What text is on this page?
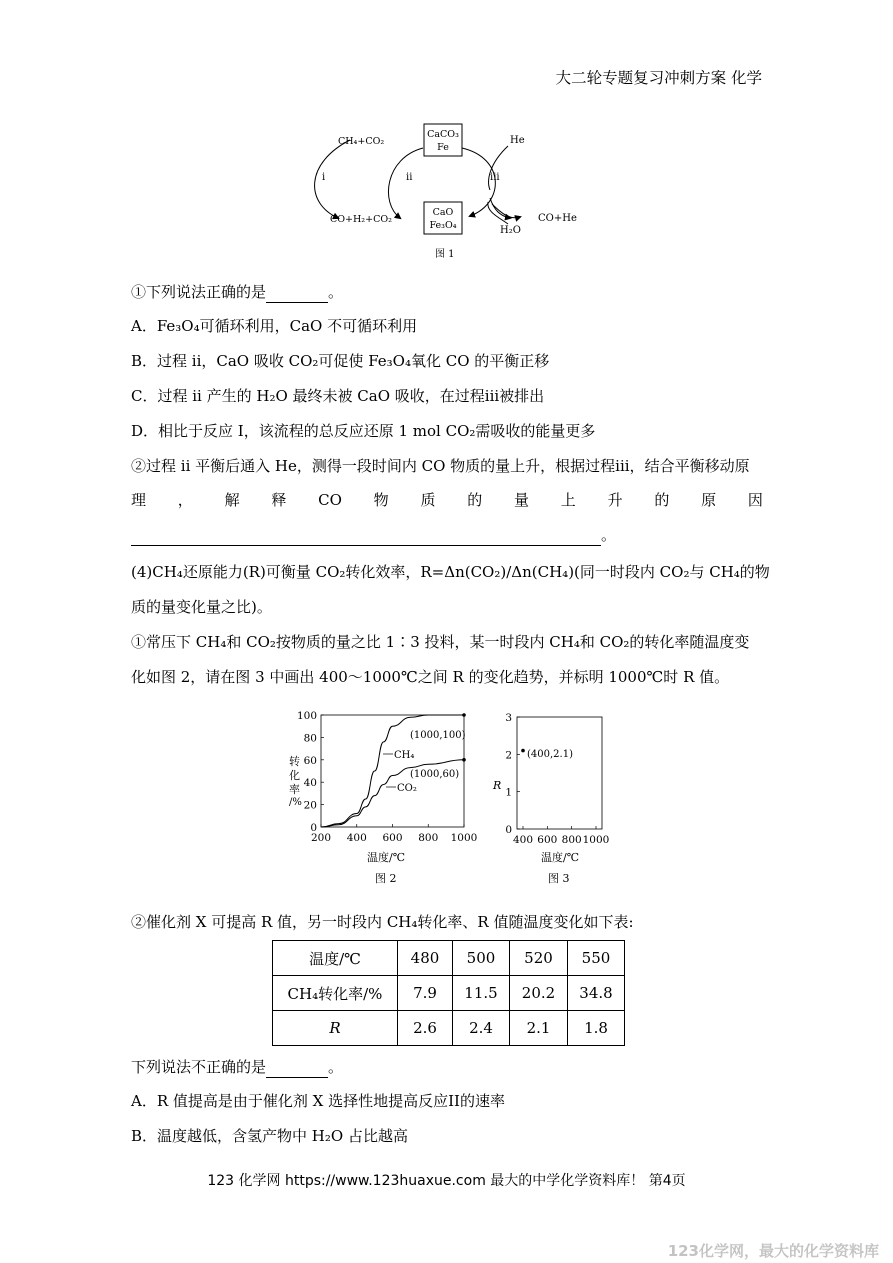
大二轮专题复习冲刺方案 化学
CaCO₃
Fe
CaO
Fe₃O₄
CH₄+CO₂
CO+H₂+CO₂
i	ii	iii
He
CO+He
H₂O
图 1
①下列说法正确的是	。
A．Fe₃O₄可循环利用，CaO 不可循环利用
B．过程 ii，CaO 吸收 CO₂可促使 Fe₃O₄氧化 CO 的平衡正移
C．过程 ii 产生的 H₂O 最终未被 CaO 吸收，在过程iii被排出
D．相比于反应 I，该流程的总反应还原 1 mol CO₂需吸收的能量更多
②过程 ii 平衡后通入 He，测得一段时间内 CO 物质的量上升，根据过程iii，结合平衡移动原
理 ， 解 释 CO 物 质 的 量 上 升 的 原 因
。
(4)CH₄还原能力(R)可衡量 CO₂转化效率，R=Δn(CO₂)/Δn(CH₄)(同一时段内 CO₂与 CH₄的物
质的量变化量之比)。
①常压下 CH₄和 CO₂按物质的量之比 1∶3 投料，某一时段内 CH₄和 CO₂的转化率随温度变
化如图 2，请在图 3 中画出 400～1000℃之间 R 的变化趋势，并标明 1000℃时 R 值。
转
化
率
/%
200 400 600 800 1000
0
20
40
60
80
100
(1000,100)
(1000,60)
CH₄
CO₂
温度/℃
图 2
R
400 600 800 1000
0
1
2
3
(400,2.1)
温度/℃
图 3
②催化剂 X 可提高 R 值，另一时段内 CH₄转化率、R 值随温度变化如下表:
温度/℃	480	500	520	550
CH₄转化率/%	7.9	11.5	20.2	34.8
R	2.6	2.4	2.1	1.8
下列说法不正确的是	。
A．R 值提高是由于催化剂 X 选择性地提高反应II的速率
B．温度越低，含氢产物中 H₂O 占比越高
123 化学网 https://www.123huaxue.com 最大的中学化学资料库！ 第4页
123化学网，最大的化学资料库
